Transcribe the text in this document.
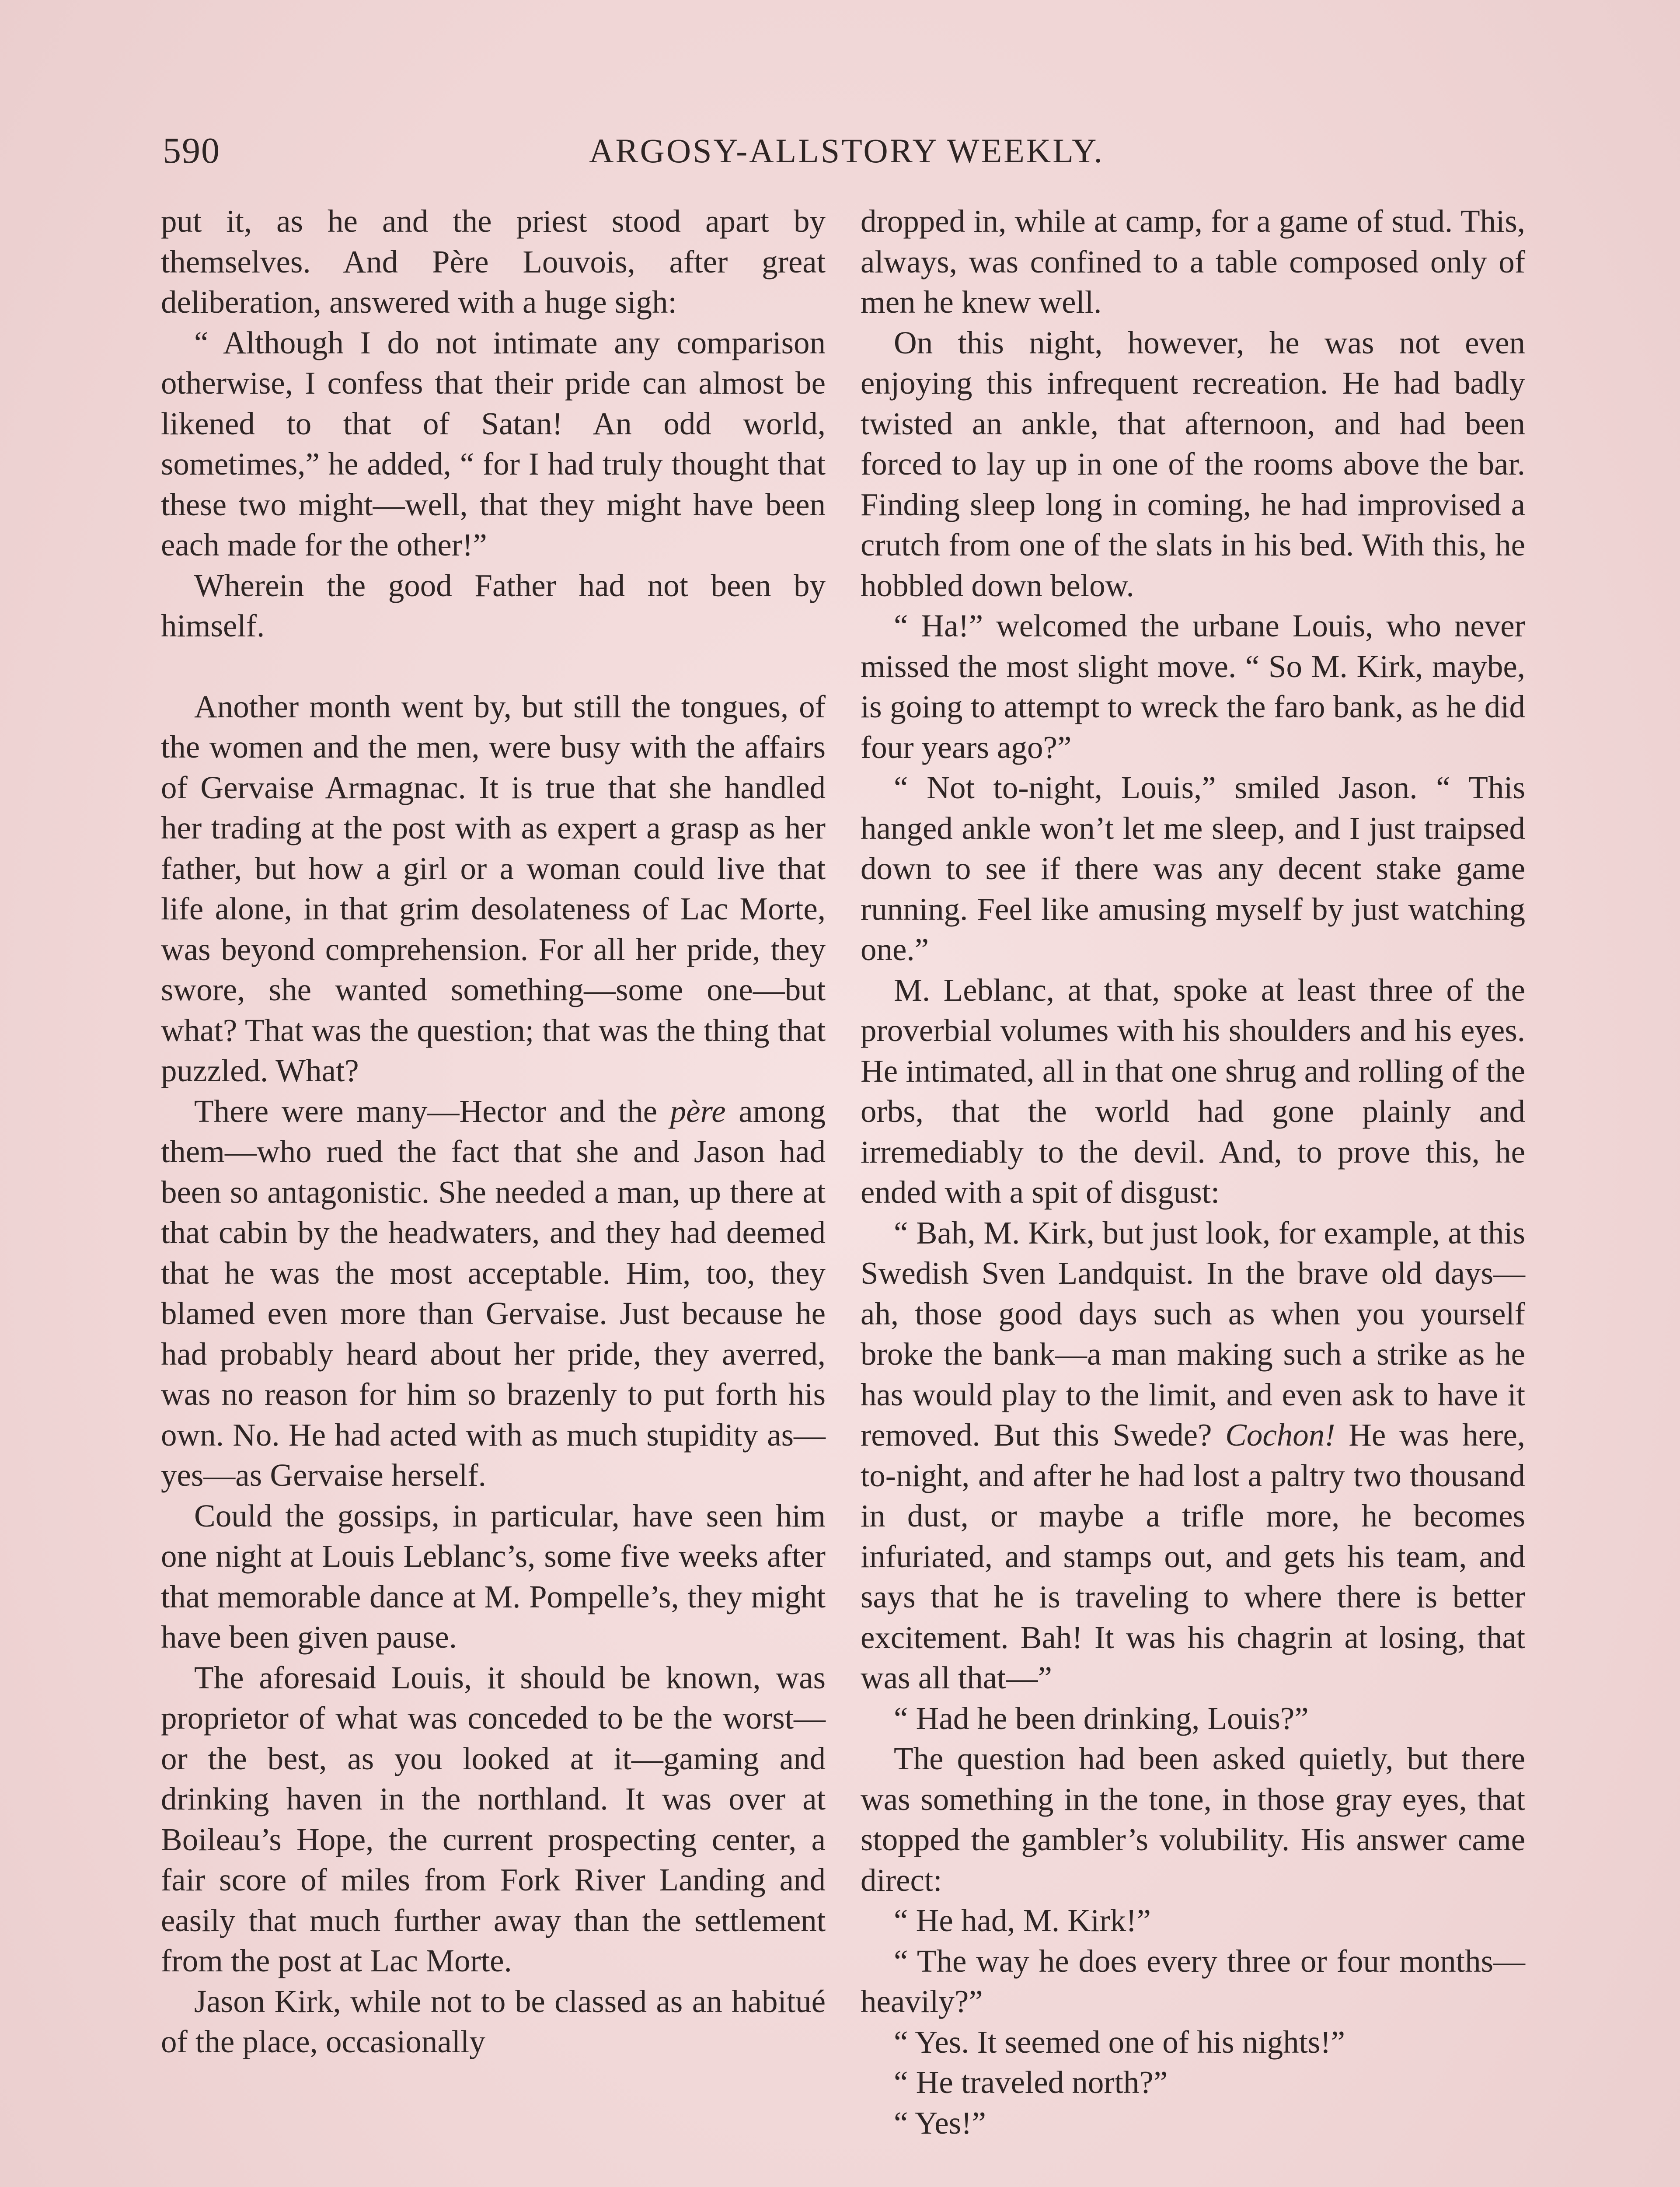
590	ARGOSY-ALLSTORY WEEKLY.

put it, as he and the priest stood apart by themselves. And Père Louvois, after great deliberation, answered with a huge sigh:

“ Although I do not intimate any comparison otherwise, I confess that their pride can almost be likened to that of Satan! An odd world, sometimes,” he added, “ for I had truly thought that these two might—well, that they might have been each made for the other!”

Wherein the good Father had not been by himself.

Another month went by, but still the tongues, of the women and the men, were busy with the affairs of Gervaise Armagnac. It is true that she handled her trading at the post with as expert a grasp as her father, but how a girl or a woman could live that life alone, in that grim desolateness of Lac Morte, was beyond comprehension. For all her pride, they swore, she wanted something—some one—but what? That was the question; that was the thing that puzzled. What?

There were many—Hector and the père among them—who rued the fact that she and Jason had been so antagonistic. She needed a man, up there at that cabin by the headwaters, and they had deemed that he was the most acceptable. Him, too, they blamed even more than Gervaise. Just because he had probably heard about her pride, they averred, was no reason for him so brazenly to put forth his own. No. He had acted with as much stupidity as—yes—as Gervaise herself.

Could the gossips, in particular, have seen him one night at Louis Leblanc’s, some five weeks after that memorable dance at M. Pompelle’s, they might have been given pause.

The aforesaid Louis, it should be known, was proprietor of what was conceded to be the worst—or the best, as you looked at it—gaming and drinking haven in the northland. It was over at Boileau’s Hope, the current prospecting center, a fair score of miles from Fork River Landing and easily that much further away than the settlement from the post at Lac Morte.

Jason Kirk, while not to be classed as an habitué of the place, occasionally

dropped in, while at camp, for a game of stud. This, always, was confined to a table composed only of men he knew well.

On this night, however, he was not even enjoying this infrequent recreation. He had badly twisted an ankle, that afternoon, and had been forced to lay up in one of the rooms above the bar. Finding sleep long in coming, he had improvised a crutch from one of the slats in his bed. With this, he hobbled down below.

“ Ha!” welcomed the urbane Louis, who never missed the most slight move. “ So M. Kirk, maybe, is going to attempt to wreck the faro bank, as he did four years ago?”

“ Not to-night, Louis,” smiled Jason. “ This hanged ankle won’t let me sleep, and I just traipsed down to see if there was any decent stake game running. Feel like amusing myself by just watching one.”

M. Leblanc, at that, spoke at least three of the proverbial volumes with his shoulders and his eyes. He intimated, all in that one shrug and rolling of the orbs, that the world had gone plainly and irremediably to the devil. And, to prove this, he ended with a spit of disgust:

“ Bah, M. Kirk, but just look, for example, at this Swedish Sven Landquist. In the brave old days—ah, those good days such as when you yourself broke the bank—a man making such a strike as he has would play to the limit, and even ask to have it removed. But this Swede? Cochon! He was here, to-night, and after he had lost a paltry two thousand in dust, or maybe a trifle more, he becomes infuriated, and stamps out, and gets his team, and says that he is traveling to where there is better excitement. Bah! It was his chagrin at losing, that was all that—”

“ Had he been drinking, Louis?”

The question had been asked quietly, but there was something in the tone, in those gray eyes, that stopped the gambler’s volubility. His answer came direct:

“ He had, M. Kirk!”

“ The way he does every three or four months—heavily?”

“ Yes. It seemed one of his nights!”

“ He traveled north?”

“ Yes!”
